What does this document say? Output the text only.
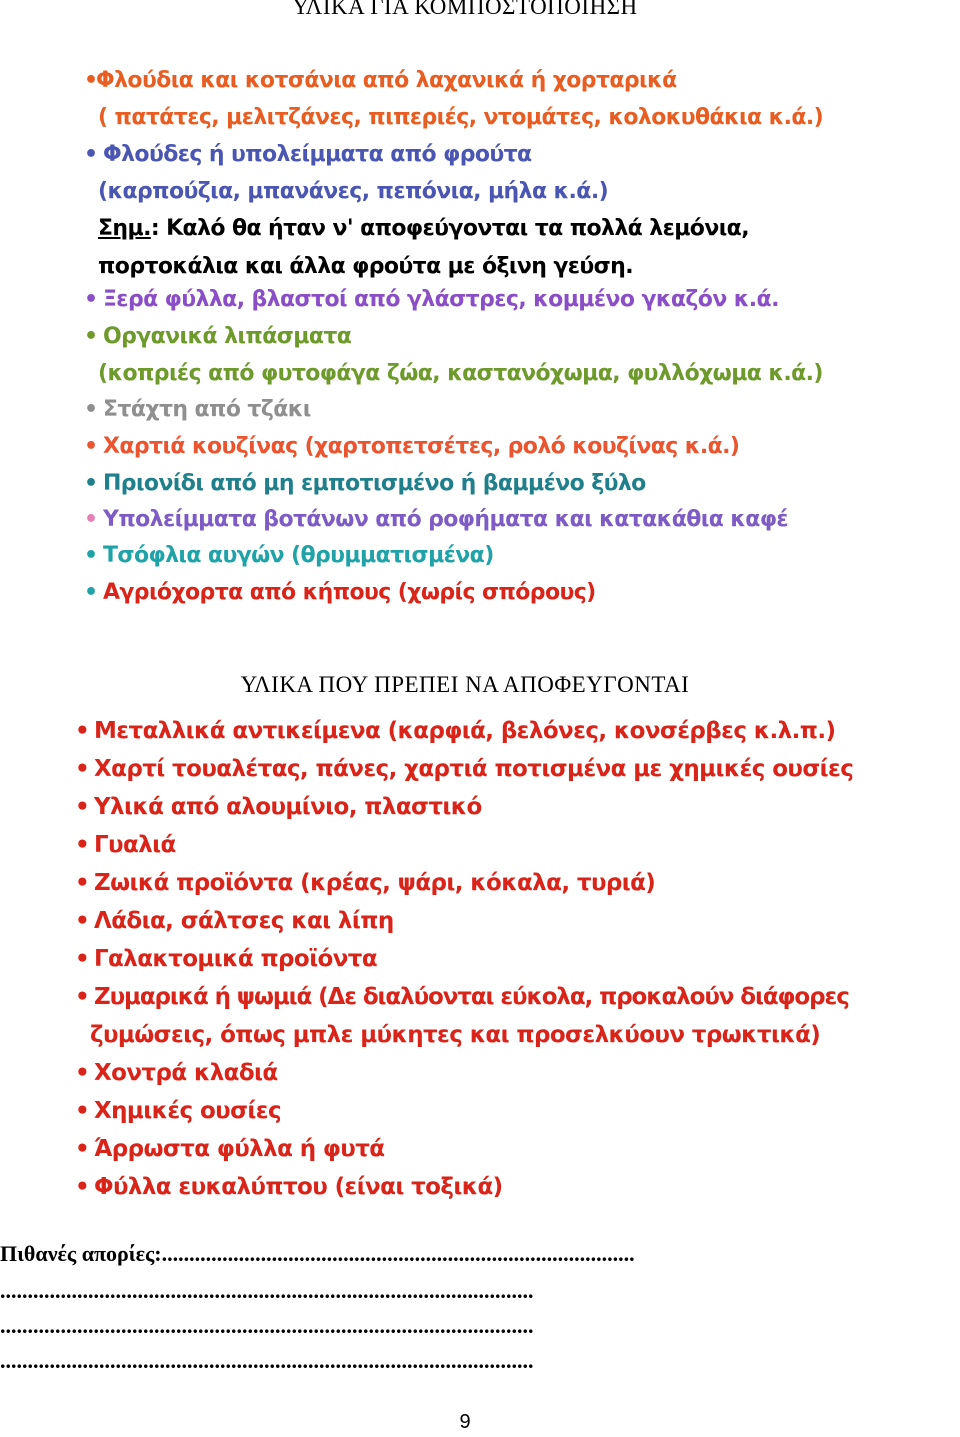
ΥΛΙΚΑ ΓΙΑ ΚΟΜΠΟΣΤΟΠΟΙΗΣΗ
•
Φλούδια και κοτσάνια από λαχανικά ή χορταρικά
( πατάτες, μελιτζάνες, πιπεριές, ντομάτες, κολοκυθάκια κ.ά.)
• Φλούδες ή υπολείμματα από φρούτα
(καρπούζια, μπανάνες, πεπόνια, μήλα κ.ά.)
Σημ.: Καλό θα ήταν ν' αποφεύγονται τα πολλά λεμόνια,
πορτοκάλια και άλλα φρούτα με όξινη γεύση.
• Ξερά φύλλα, βλαστοί από γλάστρες, κομμένο γκαζόν κ.ά.
• Οργανικά λιπάσματα
(κοπριές από φυτοφάγα ζώα, καστανόχωμα, φυλλόχωμα κ.ά.)
• Στάχτη από τζάκι
• Χαρτιά κουζίνας (χαρτοπετσέτες, ρολό κουζίνας κ.ά.)
• Πριονίδι από μη εμποτισμένο ή βαμμένο ξύλο
• Υπολείμματα βοτάνων από ροφήματα και κατακάθια καφέ
• Τσόφλια αυγών (θρυμματισμένα)
• Αγριόχορτα από κήπους (χωρίς σπόρους)
ΥΛΙΚΑ ΠΟΥ ΠΡΕΠΕΙ ΝΑ ΑΠΟΦΕΥΓΟΝΤΑΙ
• Μεταλλικά αντικείμενα (καρφιά, βελόνες, κονσέρβες κ.λ.π.)
• Χαρτί τουαλέτας, πάνες, χαρτιά ποτισμένα με χημικές ουσίες
• Υλικά από αλουμίνιο, πλαστικό
• Γυαλιά
• Ζωικά προϊόντα (κρέας, ψάρι, κόκαλα, τυριά)
• Λάδια, σάλτσες και λίπη
• Γαλακτομικά προϊόντα
• Ζυμαρικά ή ψωμιά (Δε διαλύονται εύκολα, προκαλούν διάφορες
ζυμώσεις, όπως μπλε μύκητες και προσελκύουν τρωκτικά)
• Χοντρά κλαδιά
• Χημικές ουσίες
• Άρρωστα φύλλα ή φυτά
• Φύλλα ευκαλύπτου (είναι τοξικά)
Πιθανές απορίες:......................................................................................
.................................................................................................
.................................................................................................
.................................................................................................
9
